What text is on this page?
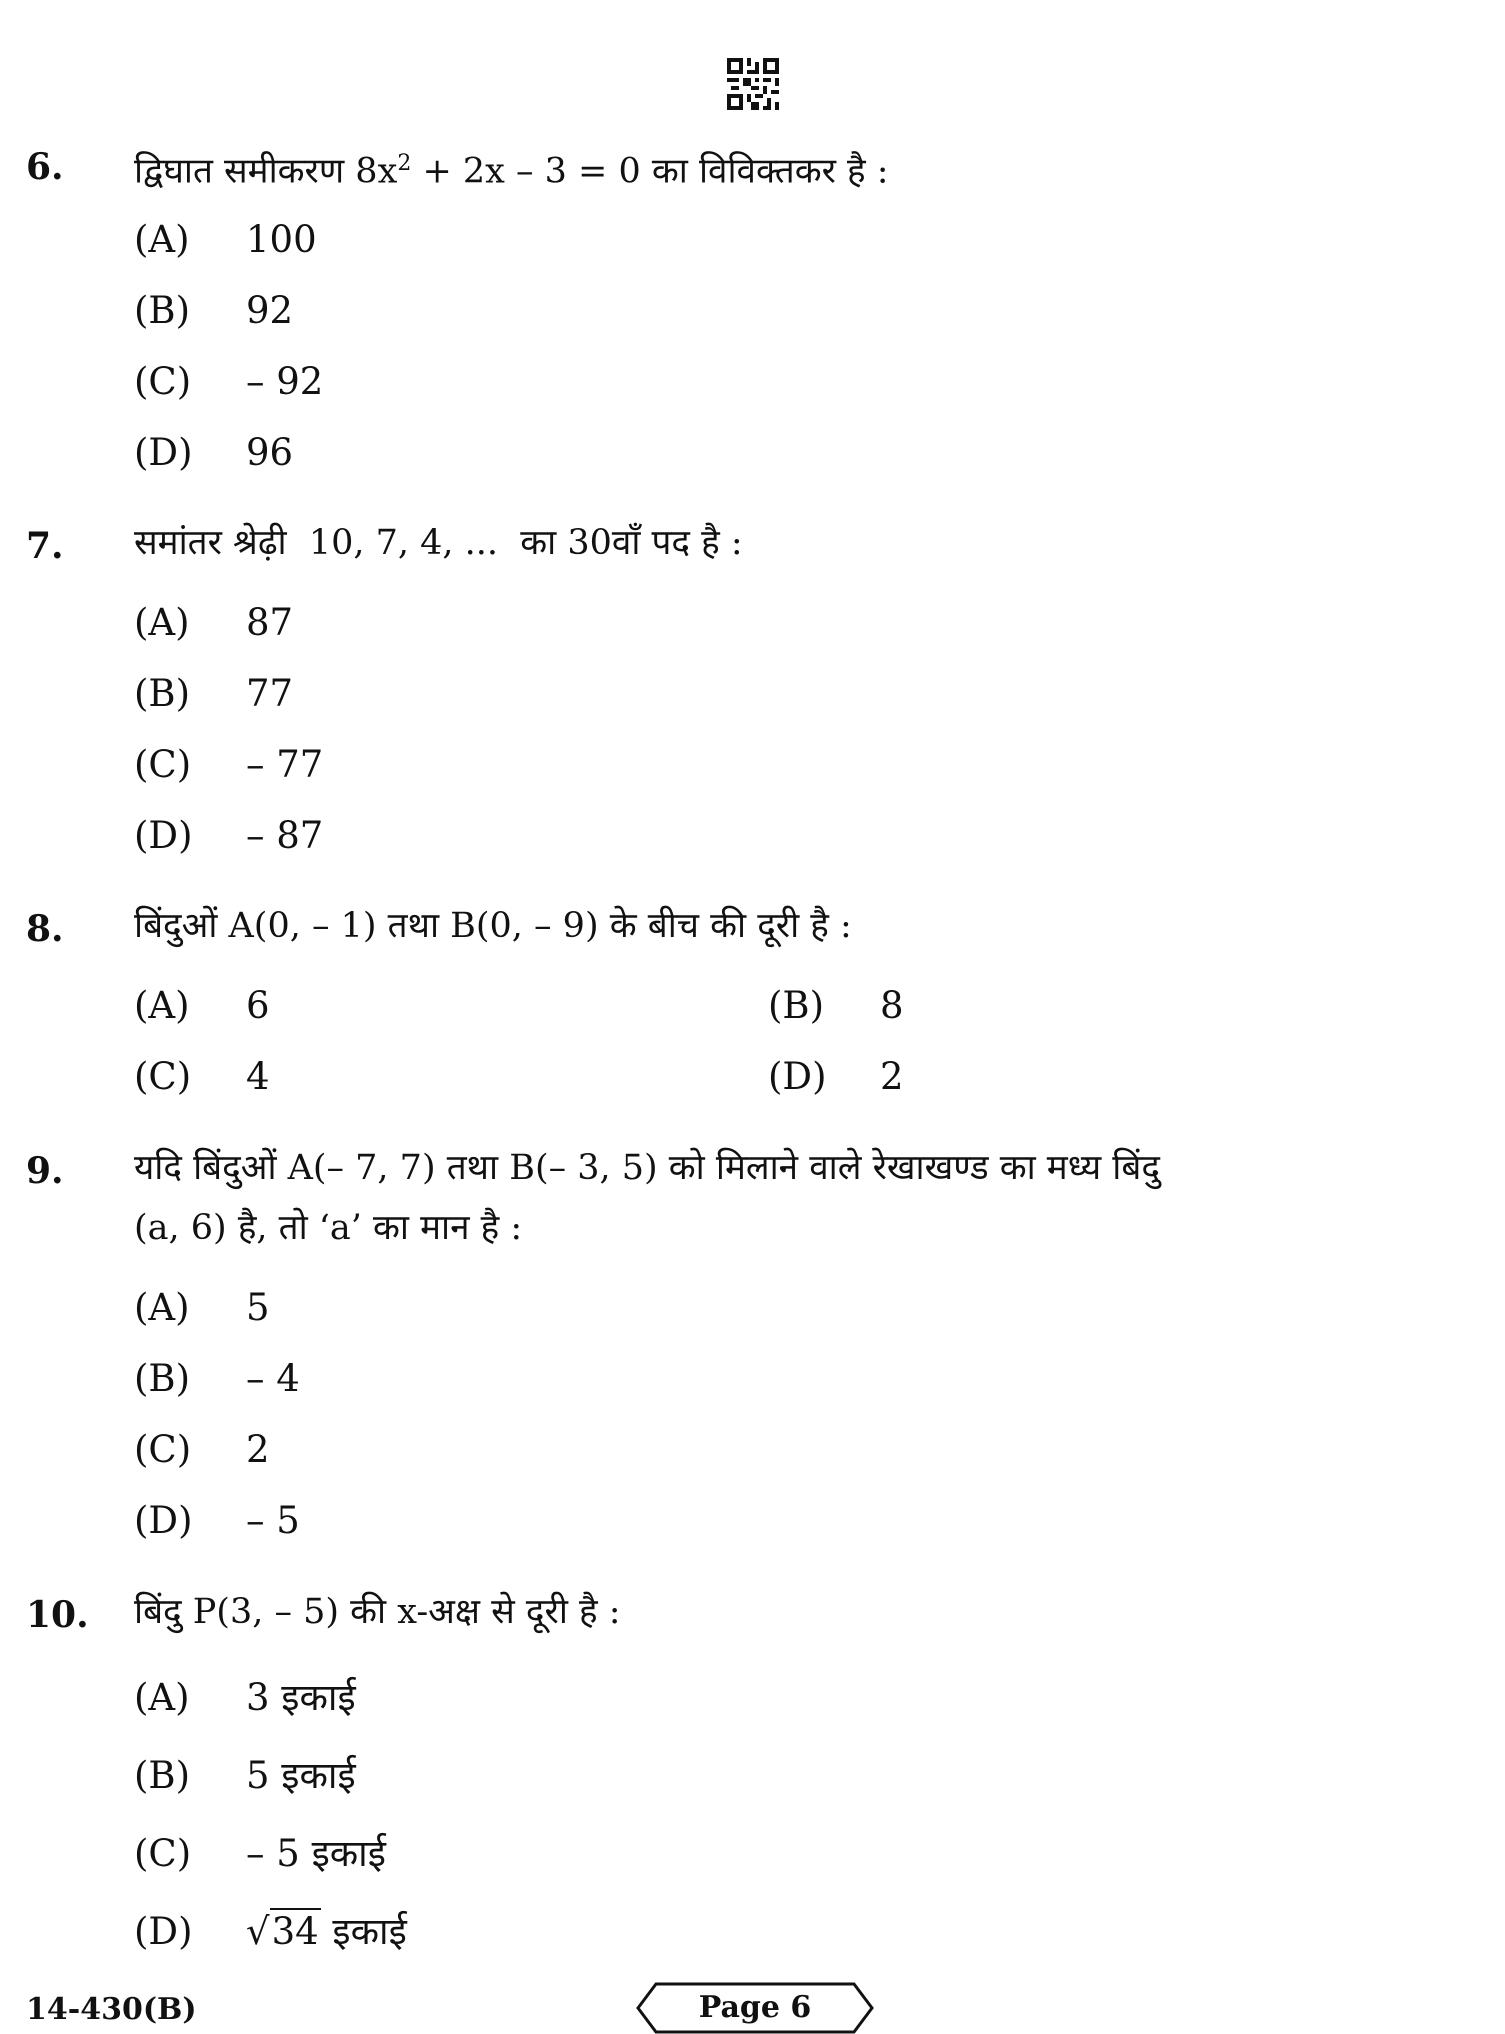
6. द्विघात समीकरण $8x^2 + 2x - 3 = 0$ का विविक्तकर है :
(A) 100
(B) 92
(C) – 92
(D) 96
7. समांतर श्रेढ़ी  10, 7, 4, ...  का 30वाँ पद है :
(A) 87
(B) 77
(C) – 77
(D) – 87
8. बिंदुओं A(0, – 1) तथा B(0, – 9) के बीच की दूरी है :
(A) 6	(B) 8
(C) 4	(D) 2
9. यदि बिंदुओं A(– 7, 7) तथा B(– 3, 5) को मिलाने वाले रेखाखण्ड का मध्य बिंदु
(a, 6) है, तो ‘a’ का मान है :
(A) 5
(B) – 4
(C) 2
(D) – 5
10. बिंदु P(3, – 5) की x-अक्ष से दूरी है :
(A) 3 इकाई
(B) 5 इकाई
(C) – 5 इकाई
(D) √34 इकाई
14-430(B)	Page 6
